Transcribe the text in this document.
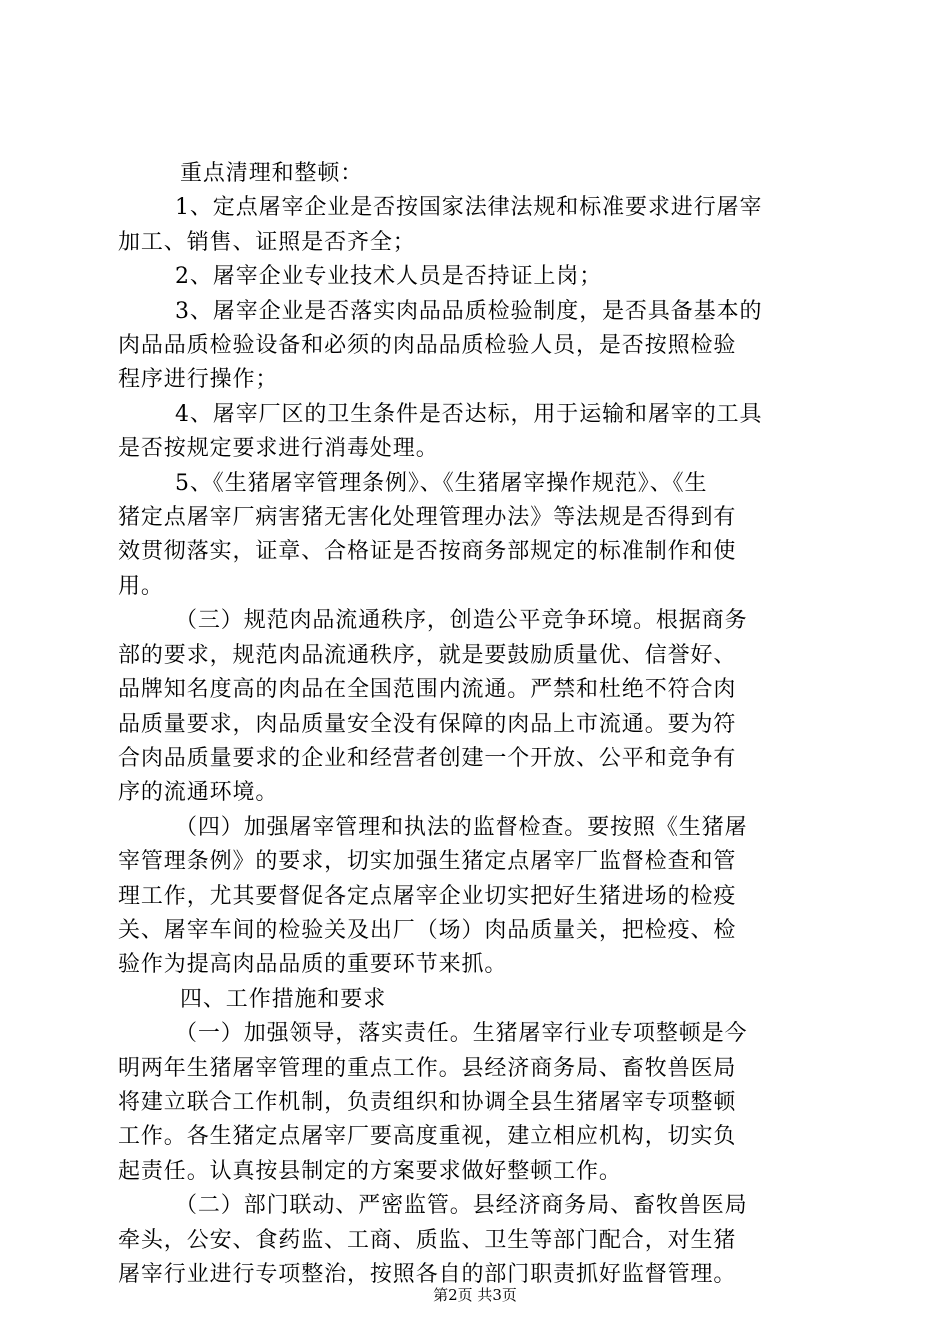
重点清理和整顿：
1、定点屠宰企业是否按国家法律法规和标准要求进行屠宰
加工、销售、证照是否齐全；
2、屠宰企业专业技术人员是否持证上岗；
3、屠宰企业是否落实肉品品质检验制度，是否具备基本的
肉品品质检验设备和必须的肉品品质检验人员，是否按照检验
程序进行操作；
4、屠宰厂区的卫生条件是否达标，用于运输和屠宰的工具
是否按规定要求进行消毒处理。
5、《生猪屠宰管理条例》、《生猪屠宰操作规范》、《生
猪定点屠宰厂病害猪无害化处理管理办法》等法规是否得到有
效贯彻落实，证章、合格证是否按商务部规定的标准制作和使
用。
（三）规范肉品流通秩序，创造公平竞争环境。根据商务
部的要求，规范肉品流通秩序，就是要鼓励质量优、信誉好、
品牌知名度高的肉品在全国范围内流通。严禁和杜绝不符合肉
品质量要求，肉品质量安全没有保障的肉品上市流通。要为符
合肉品质量要求的企业和经营者创建一个开放、公平和竞争有
序的流通环境。
（四）加强屠宰管理和执法的监督检查。要按照《生猪屠
宰管理条例》的要求，切实加强生猪定点屠宰厂监督检查和管
理工作，尤其要督促各定点屠宰企业切实把好生猪进场的检疫
关、屠宰车间的检验关及出厂（场）肉品质量关，把检疫、检
验作为提高肉品品质的重要环节来抓。
四、工作措施和要求
（一）加强领导，落实责任。生猪屠宰行业专项整顿是今
明两年生猪屠宰管理的重点工作。县经济商务局、畜牧兽医局
将建立联合工作机制，负责组织和协调全县生猪屠宰专项整顿
工作。各生猪定点屠宰厂要高度重视，建立相应机构，切实负
起责任。认真按县制定的方案要求做好整顿工作。
（二）部门联动、严密监管。县经济商务局、畜牧兽医局
牵头，公安、食药监、工商、质监、卫生等部门配合，对生猪
屠宰行业进行专项整治，按照各自的部门职责抓好监督管理。
第2页 共3页
